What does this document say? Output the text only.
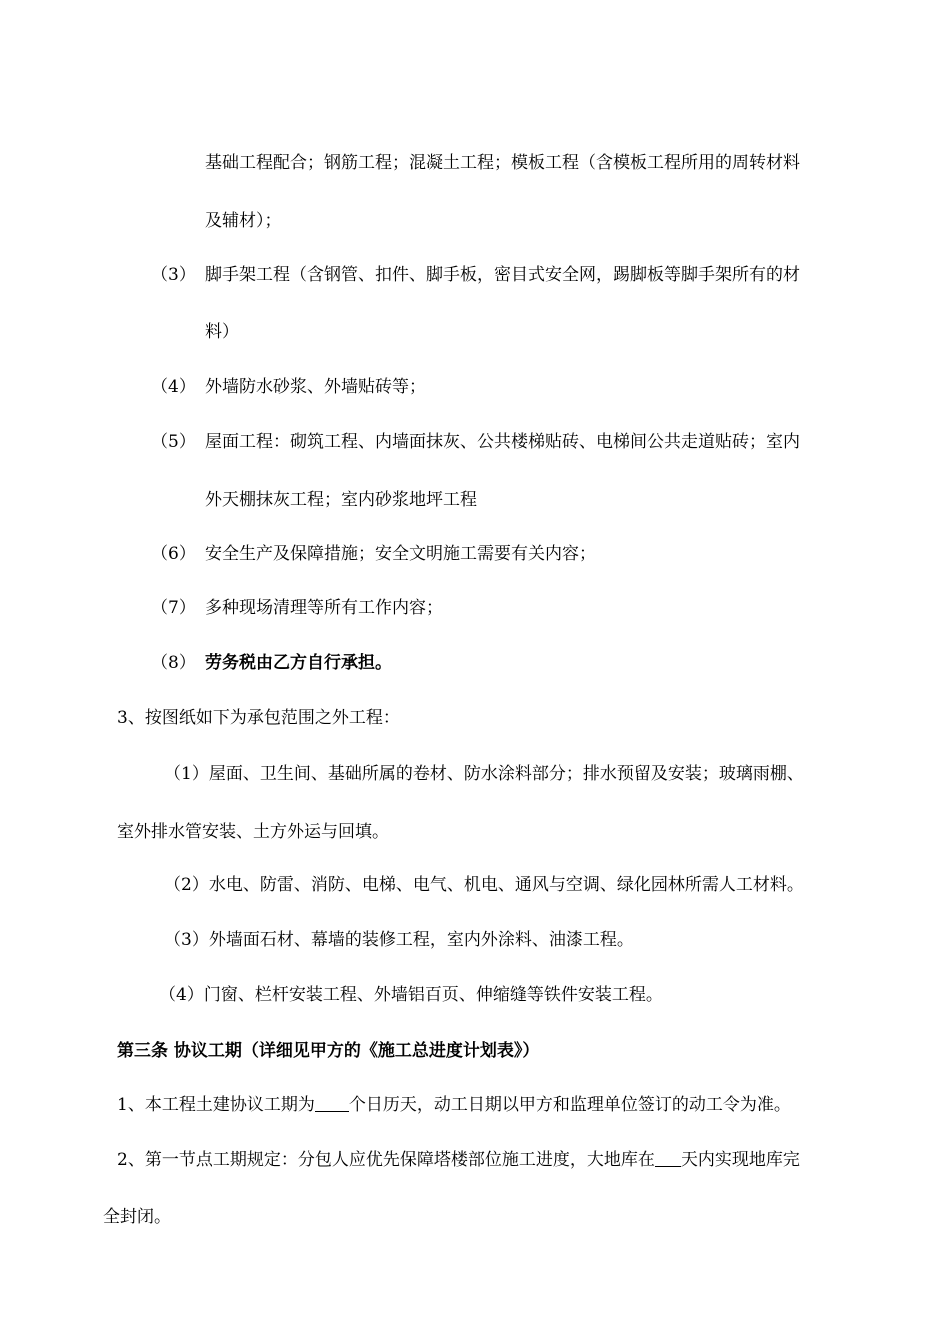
基础工程配合；钢筋工程；混凝土工程；模板工程（含模板工程所用的周转材料
及辅材）；
（3） 脚手架工程（含钢管、扣件、脚手板，密目式安全网，踢脚板等脚手架所有的材
料）
（4） 外墙防水砂浆、外墙贴砖等；
（5） 屋面工程：砌筑工程、内墙面抹灰、公共楼梯贴砖、电梯间公共走道贴砖；室内
外天棚抹灰工程；室内砂浆地坪工程
（6） 安全生产及保障措施；安全文明施工需要有关内容；
（7） 多种现场清理等所有工作内容；
（8） 劳务税由乙方自行承担。
3、按图纸如下为承包范围之外工程：
（1）屋面、卫生间、基础所属的卷材、防水涂料部分；排水预留及安装；玻璃雨棚、
室外排水管安装、土方外运与回填。
（2）水电、防雷、消防、电梯、电气、机电、通风与空调、绿化园林所需人工材料。
（3）外墙面石材、幕墙的装修工程，室内外涂料、油漆工程。
（4）门窗、栏杆安装工程、外墙铝百页、伸缩缝等铁件安装工程。
第三条 协议工期（详细见甲方的《施工总进度计划表》）
1、本工程土建协议工期为 个日历天，动工日期以甲方和监理单位签订的动工令为准。
2、第一节点工期规定：分包人应优先保障塔楼部位施工进度，大地库在 天内实现地库完
全封闭。
